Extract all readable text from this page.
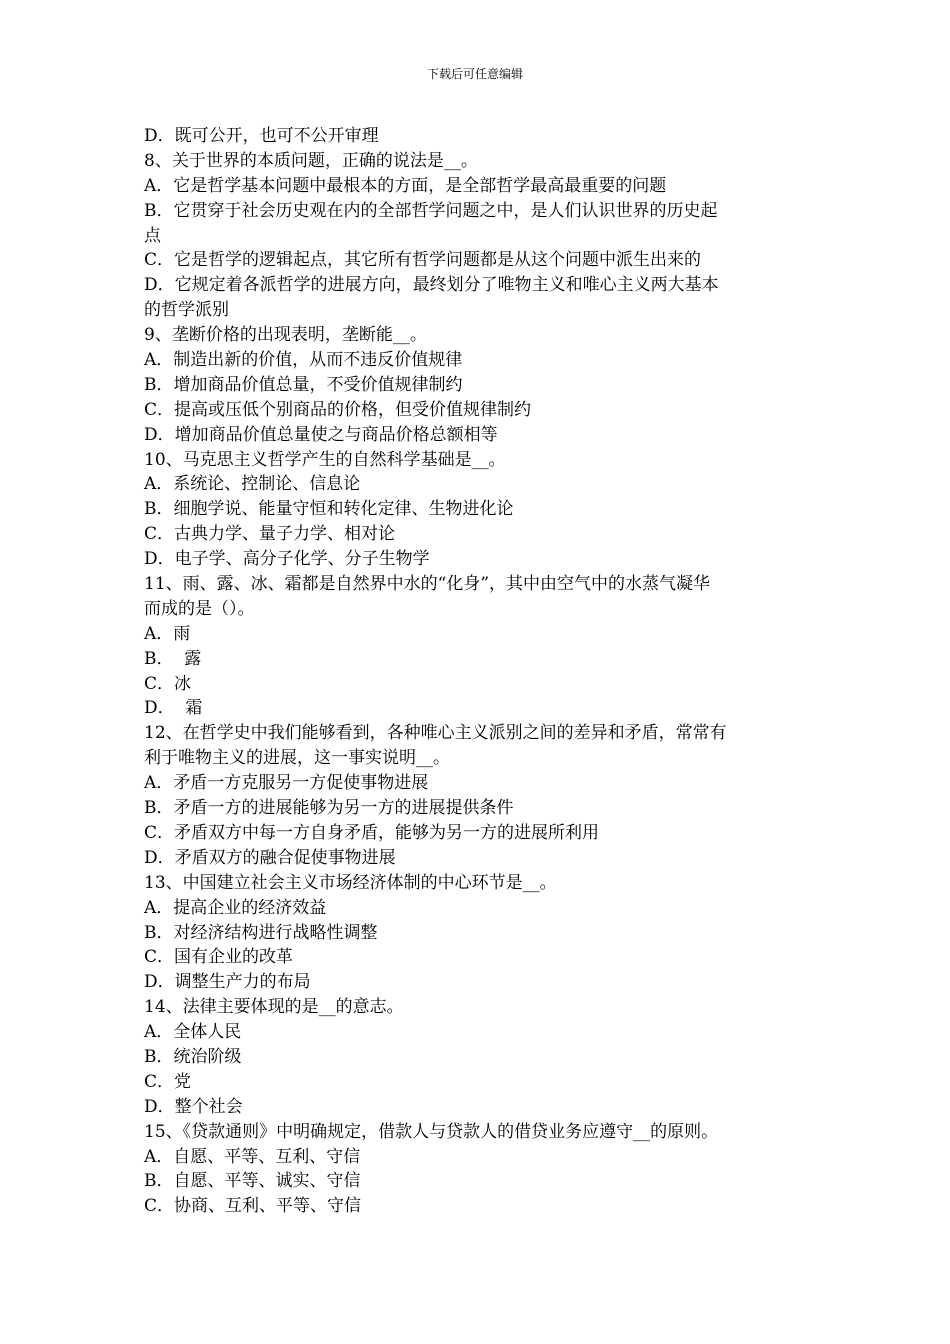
下载后可任意编辑
D．既可公开，也可不公开审理
8、关于世界的本质问题，正确的说法是__。
A．它是哲学基本问题中最根本的方面，是全部哲学最高最重要的问题
B．它贯穿于社会历史观在内的全部哲学问题之中，是人们认识世界的历史起
点
C．它是哲学的逻辑起点，其它所有哲学问题都是从这个问题中派生出来的
D．它规定着各派哲学的进展方向，最终划分了唯物主义和唯心主义两大基本
的哲学派别
9、垄断价格的出现表明，垄断能__。
A．制造出新的价值，从而不违反价值规律
B．增加商品价值总量，不受价值规律制约
C．提高或压低个别商品的价格，但受价值规律制约
D．增加商品价值总量使之与商品价格总额相等
10、马克思主义哲学产生的自然科学基础是__。
A．系统论、控制论、信息论
B．细胞学说、能量守恒和转化定律、生物进化论
C．古典力学、量子力学、相对论
D．电子学、高分子化学、分子生物学
11、雨、露、冰、霜都是自然界中水的“化身”，其中由空气中的水蒸气凝华
而成的是（）。
A．雨
B．  露
C．冰
D．  霜
12、在哲学史中我们能够看到，各种唯心主义派别之间的差异和矛盾，常常有
利于唯物主义的进展，这一事实说明__。
A．矛盾一方克服另一方促使事物进展
B．矛盾一方的进展能够为另一方的进展提供条件
C．矛盾双方中每一方自身矛盾，能够为另一方的进展所利用
D．矛盾双方的融合促使事物进展
13、中国建立社会主义市场经济体制的中心环节是__。
A．提高企业的经济效益
B．对经济结构进行战略性调整
C．国有企业的改革
D．调整生产力的布局
14、法律主要体现的是__的意志。
A．全体人民
B．统治阶级
C．党
D．整个社会
15、《贷款通则》中明确规定，借款人与贷款人的借贷业务应遵守__的原则。
A．自愿、平等、互利、守信
B．自愿、平等、诚实、守信
C．协商、互利、平等、守信
